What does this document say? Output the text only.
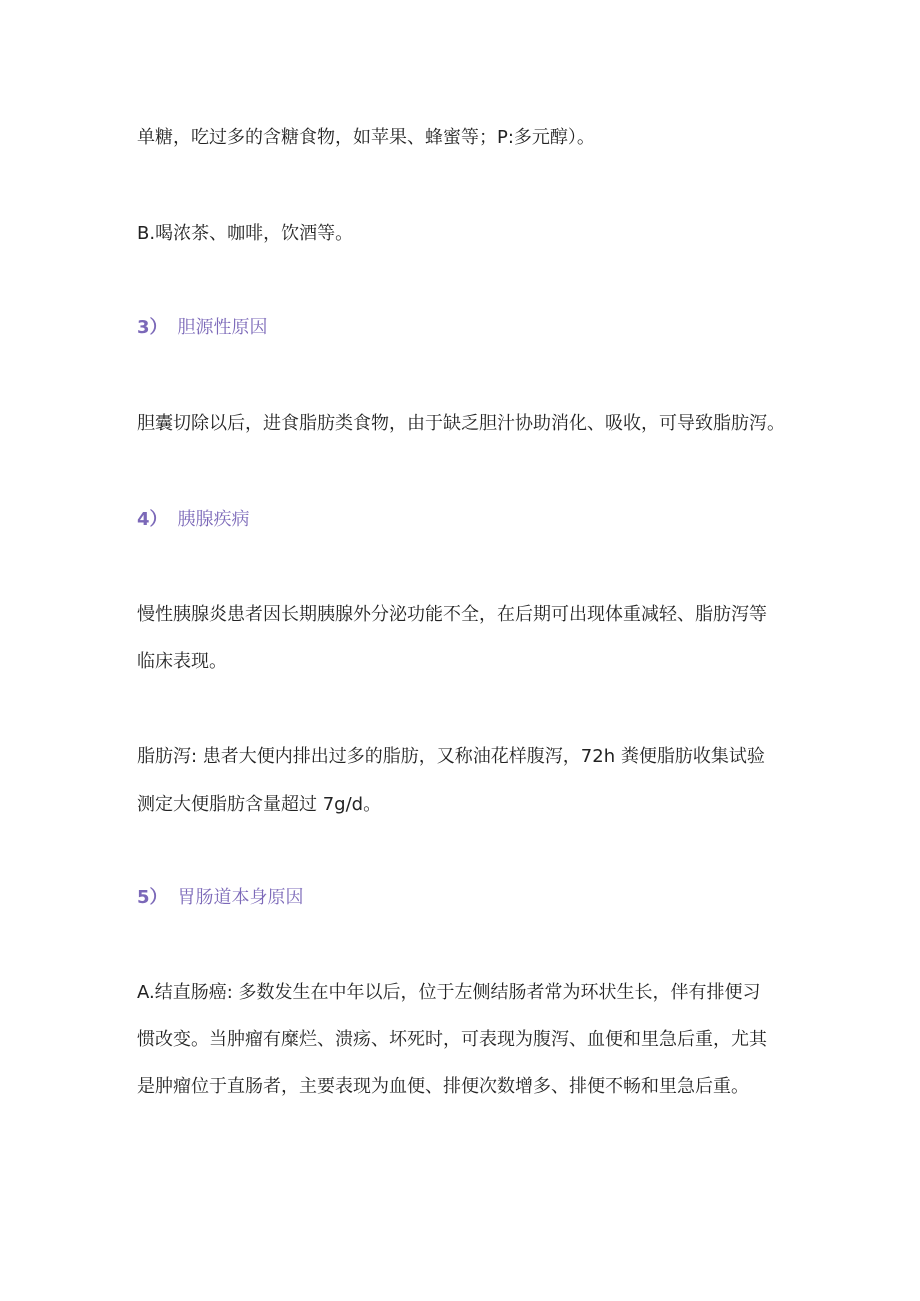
单糖，吃过多的含糖食物，如苹果、蜂蜜等；P:多元醇）。
B.喝浓茶、咖啡，饮酒等。
3） 胆源性原因
胆囊切除以后，进食脂肪类食物，由于缺乏胆汁协助消化、吸收，可导致脂肪泻。
4） 胰腺疾病
慢性胰腺炎患者因长期胰腺外分泌功能不全，在后期可出现体重减轻、脂肪泻等
临床表现。
脂肪泻: 患者大便内排出过多的脂肪，又称油花样腹泻，72h 粪便脂肪收集试验
测定大便脂肪含量超过 7g/d。
5） 胃肠道本身原因
A.结直肠癌: 多数发生在中年以后，位于左侧结肠者常为环状生长，伴有排便习
惯改变。当肿瘤有糜烂、溃疡、坏死时，可表现为腹泻、血便和里急后重，尤其
是肿瘤位于直肠者，主要表现为血便、排便次数增多、排便不畅和里急后重。
